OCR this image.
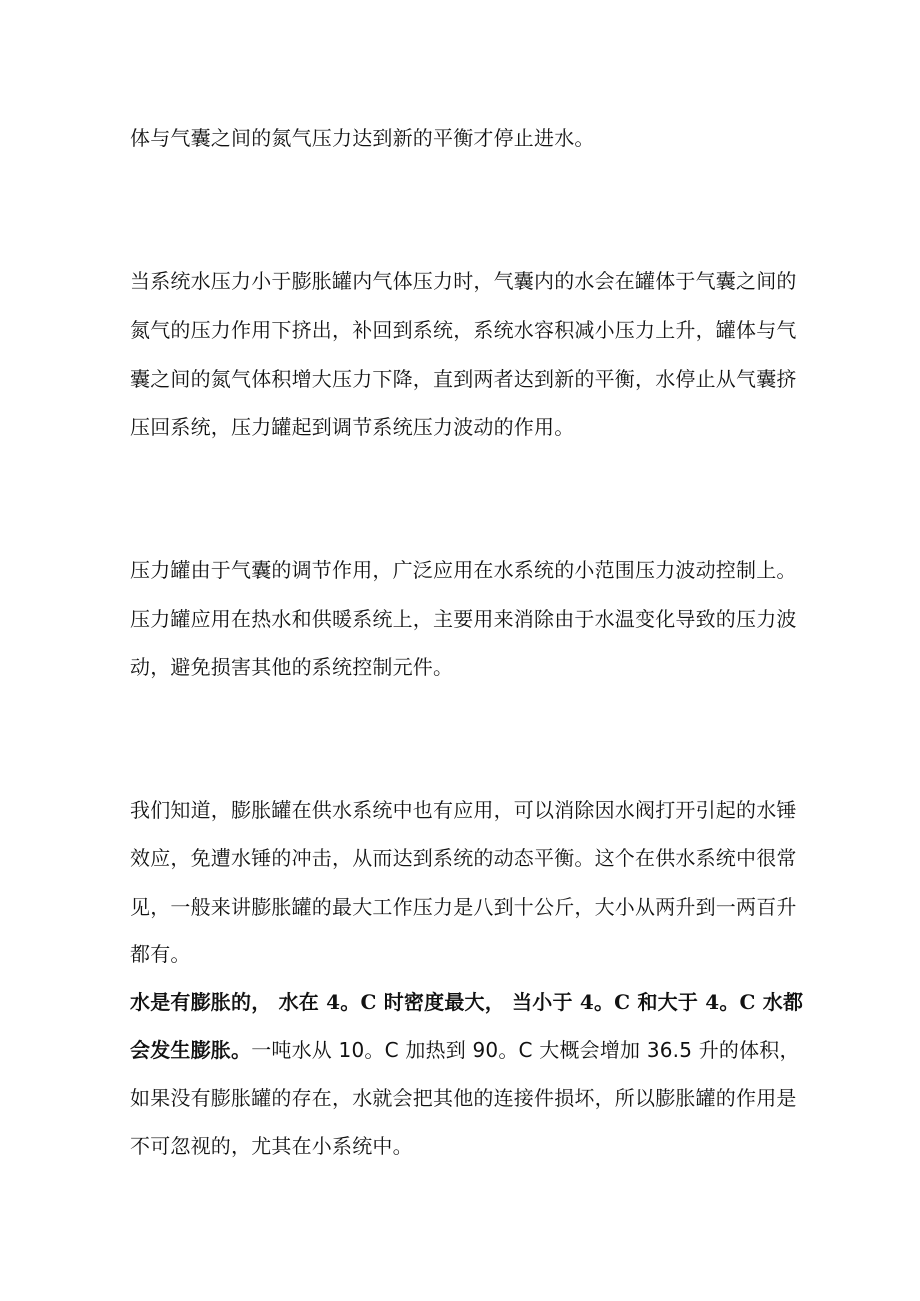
体与气囊之间的氮气压力达到新的平衡才停止进水。

当系统水压力小于膨胀罐内气体压力时，气囊内的水会在罐体于气囊之间的

氮气的压力作用下挤出，补回到系统，系统水容积减小压力上升，罐体与气

囊之间的氮气体积增大压力下降，直到两者达到新的平衡，水停止从气囊挤

压回系统，压力罐起到调节系统压力波动的作用。

压力罐由于气囊的调节作用，广泛应用在水系统的小范围压力波动控制上。

压力罐应用在热水和供暖系统上，主要用来消除由于水温变化导致的压力波

动，避免损害其他的系统控制元件。

我们知道，膨胀罐在供水系统中也有应用，可以消除因水阀打开引起的水锤

效应，免遭水锤的冲击，从而达到系统的动态平衡。这个在供水系统中很常

见，一般来讲膨胀罐的最大工作压力是八到十公斤，大小从两升到一两百升

都有。

水是有膨胀的， 水在 4。C 时密度最大， 当小于 4。C 和大于 4。C 水都

会发生膨胀。一吨水从 10。C 加热到 90。C 大概会增加 36.5 升的体积，

如果没有膨胀罐的存在，水就会把其他的连接件损坏，所以膨胀罐的作用是

不可忽视的，尤其在小系统中。
